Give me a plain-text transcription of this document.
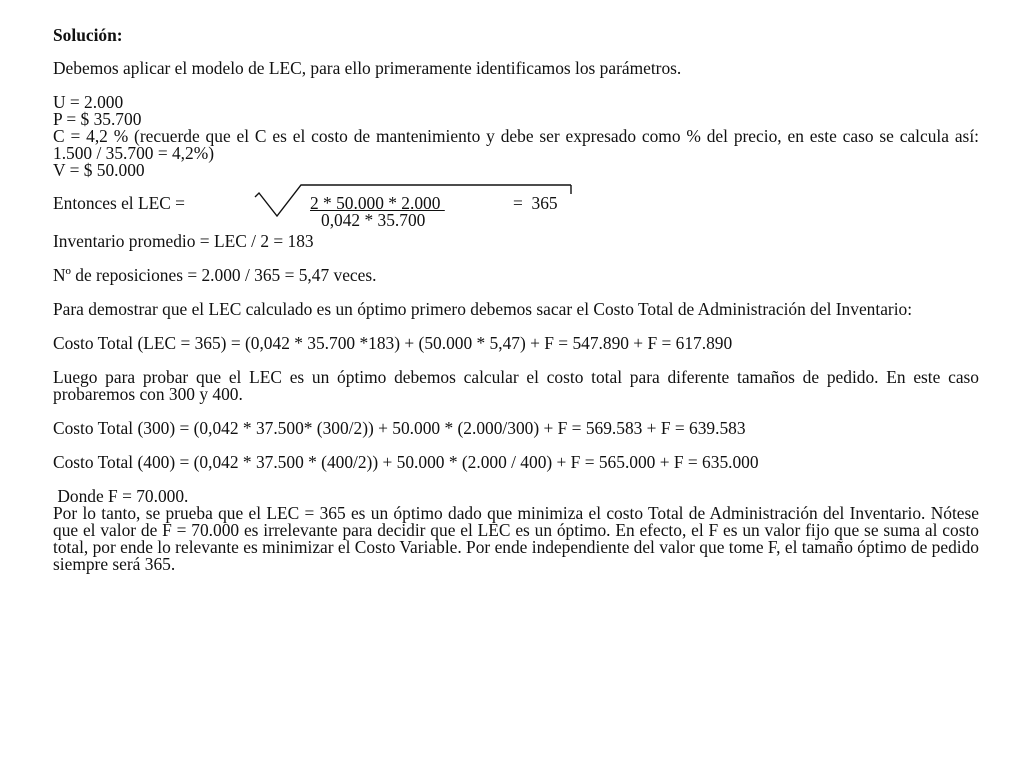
Solución:

Debemos aplicar el modelo de LEC, para ello primeramente identificamos los parámetros.

U = 2.000
P = $ 35.700

C = 4,2 % (recuerde que el C es el costo de mantenimiento y debe ser expresado como % del precio, en este caso se calcula así: 1.500 / 35.700 = 4,2%)

V = $ 50.000
Entonces el LEC =	2 * 50.000 * 2.000	=  365
0,042 * 35.700
Inventario promedio = LEC / 2 = 183
Nº de reposiciones = 2.000 / 365 = 5,47 veces.

Para demostrar que el LEC calculado es un óptimo primero debemos sacar el Costo Total de Administración del Inventario:

Costo Total (LEC = 365) = (0,042 * 35.700 *183) + (50.000 * 5,47) + F = 547.890 + F = 617.890

Luego para probar que el LEC es un óptimo debemos calcular el costo total para diferente tamaños de pedido. En este caso probaremos con 300 y 400.

Costo Total (300) = (0,042 * 37.500* (300/2)) + 50.000 * (2.000/300) + F = 569.583 + F = 639.583

Costo Total (400) = (0,042 * 37.500 * (400/2)) + 50.000 * (2.000 / 400) + F = 565.000 + F = 635.000

Donde F = 70.000.

Por lo tanto, se prueba que el LEC = 365 es un óptimo dado que minimiza el costo Total de Administración del Inventario. Nótese que el valor de F = 70.000 es irrelevante para decidir que el LEC es un óptimo. En efecto, el F es un valor fijo que se suma al costo total, por ende lo relevante es minimizar el Costo Variable. Por ende independiente del valor que tome F, el tamaño óptimo de pedido siempre será 365.
